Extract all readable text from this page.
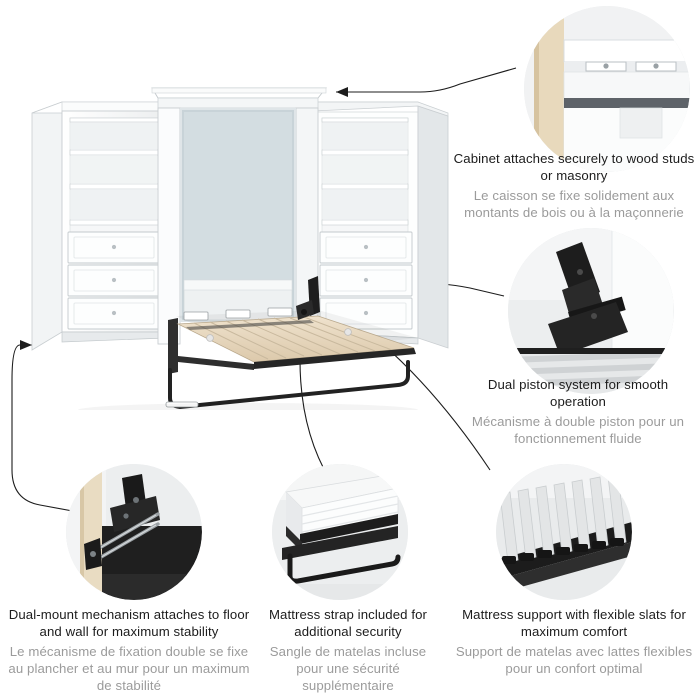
Cabinet attaches securely to wood studs or masonry
Le caisson se fixe solidement aux montants de bois ou à la maçonnerie
Dual piston system for smooth operation
Mécanisme à double piston pour un fonctionnement fluide
Mattress support with flexible slats for maximum comfort
Support de matelas avec lattes flexibles pour un confort optimal
Mattress strap included for additional security
Sangle de matelas incluse pour une sécurité supplémentaire
Dual-mount mechanism attaches to floor and wall for maximum stability
Le mécanisme de fixation double se fixe au plancher et au mur pour un maximum de stabilité
